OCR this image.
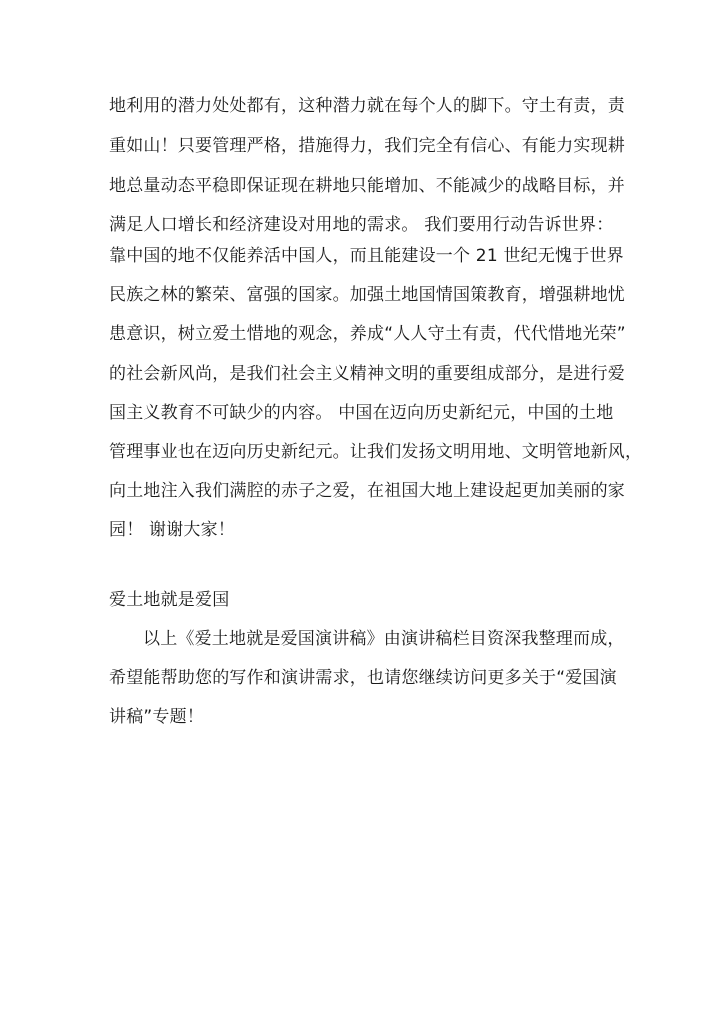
地利用的潜力处处都有，这种潜力就在每个人的脚下。守土有责，责
重如山！只要管理严格，措施得力，我们完全有信心、有能力实现耕
地总量动态平稳即保证现在耕地只能增加、不能减少的战略目标，并
满足人口增长和经济建设对用地的需求。 我们要用行动告诉世界：
靠中国的地不仅能养活中国人，而且能建设一个 21 世纪无愧于世界
民族之林的繁荣、富强的国家。加强土地国情国策教育，增强耕地忧
患意识，树立爱土惜地的观念，养成“人人守土有责，代代惜地光荣”
的社会新风尚，是我们社会主义精神文明的重要组成部分，是进行爱
国主义教育不可缺少的内容。 中国在迈向历史新纪元，中国的土地
管理事业也在迈向历史新纪元。让我们发扬文明用地、文明管地新风，
向土地注入我们满腔的赤子之爱，在祖国大地上建设起更加美丽的家
园！ 谢谢大家！
爱土地就是爱国
以上《爱土地就是爱国演讲稿》由演讲稿栏目资深我整理而成，
希望能帮助您的写作和演讲需求，也请您继续访问更多关于“爱国演
讲稿”专题！
